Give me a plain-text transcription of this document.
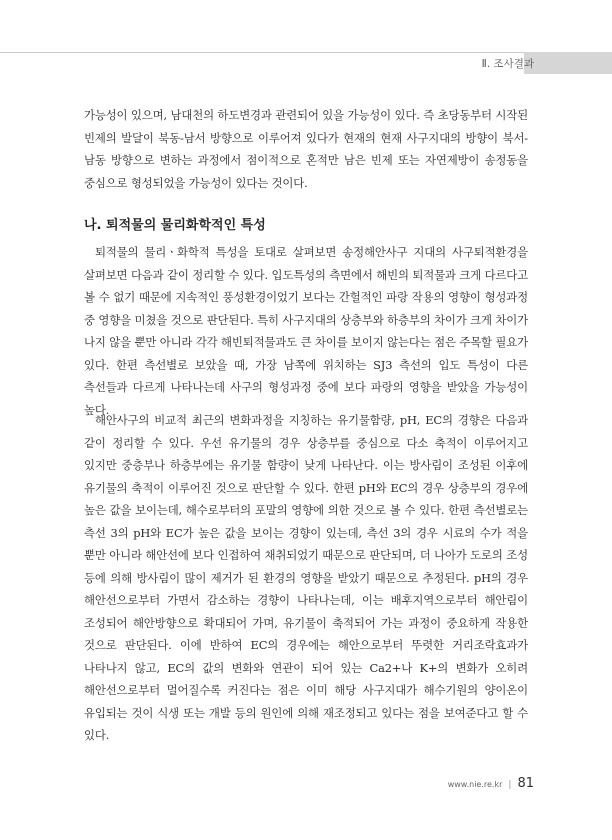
Ⅱ. 조사결과

가능성이 있으며, 남대천의 하도변경과 관련되어 있을 가능성이 있다. 즉 초당동부터 시작된 빈제의 발달이 북동-남서 방향으로 이루어져 있다가 현재의 현재 사구지대의 방향이 북서-남동 방향으로 변하는 과정에서 점이적으로 혼적만 남은 빈제 또는 자연제방이 송정동을 중심으로 형성되었을 가능성이 있다는 것이다.

나. 퇴적물의 물리화학적인 특성

퇴적물의 물리ㆍ화학적 특성을 토대로 살펴보면 송정해안사구 지대의 사구퇴적환경을 살펴보면 다음과 같이 정리할 수 있다. 입도특성의 측면에서 해빈의 퇴적물과 크게 다르다고 볼 수 없기 때문에 지속적인 풍성환경이었기 보다는 간헐적인 파랑 작용의 영향이 형성과정 중 영향을 미쳤을 것으로 판단된다. 특히 사구지대의 상층부와 하층부의 차이가 크게 차이가 나지 않을 뿐만 아니라 각각 해빈퇴적물과도 큰 차이를 보이지 않는다는 점은 주목할 필요가 있다. 한편 측선별로 보았을 때, 가장 남쪽에 위치하는 SJ3 측선의 입도 특성이 다른 측선들과 다르게 나타나는데 사구의 형성과정 중에 보다 파랑의 영향을 받았을 가능성이 높다.

해안사구의 비교적 최근의 변화과정을 지칭하는 유기물함량, pH, EC의 경향은 다음과 같이 정리할 수 있다. 우선 유기물의 경우 상층부를 중심으로 다소 축적이 이루어지고 있지만 중층부나 하층부에는 유기물 함량이 낮게 나타난다. 이는 방사림이 조성된 이후에 유기물의 축적이 이루어진 것으로 판단할 수 있다. 한편 pH와 EC의 경우 상층부의 경우에 높은 값을 보이는데, 해수로부터의 포말의 영향에 의한 것으로 볼 수 있다. 한편 측선별로는 측선 3의 pH와 EC가 높은 값을 보이는 경향이 있는데, 측선 3의 경우 시료의 수가 적을 뿐만 아니라 해안선에 보다 인접하여 채취되었기 때문으로 판단되며, 더 나아가 도로의 조성 등에 의해 방사림이 많이 제거가 된 환경의 영향을 받았기 때문으로 추정된다. pH의 경우 해안선으로부터 가면서 감소하는 경향이 나타나는데, 이는 배후지역으로부터 해안림이 조성되어 해안방향으로 확대되어 가며, 유기물이 축적되어 가는 과정이 중요하게 작용한 것으로 판단된다. 이에 반하여 EC의 경우에는 해안으로부터 뚜렷한 거리조락효과가 나타나지 않고, EC의 값의 변화와 연관이 되어 있는 Ca2+나 K+의 변화가 오히려 해안선으로부터 멀어질수록 커진다는 점은 이미 해당 사구지대가 해수기원의 양이온이 유입되는 것이 식생 또는 개발 등의 원인에 의해 재조정되고 있다는 점을 보여준다고 할 수 있다.

www.nie.re.kr | 81
